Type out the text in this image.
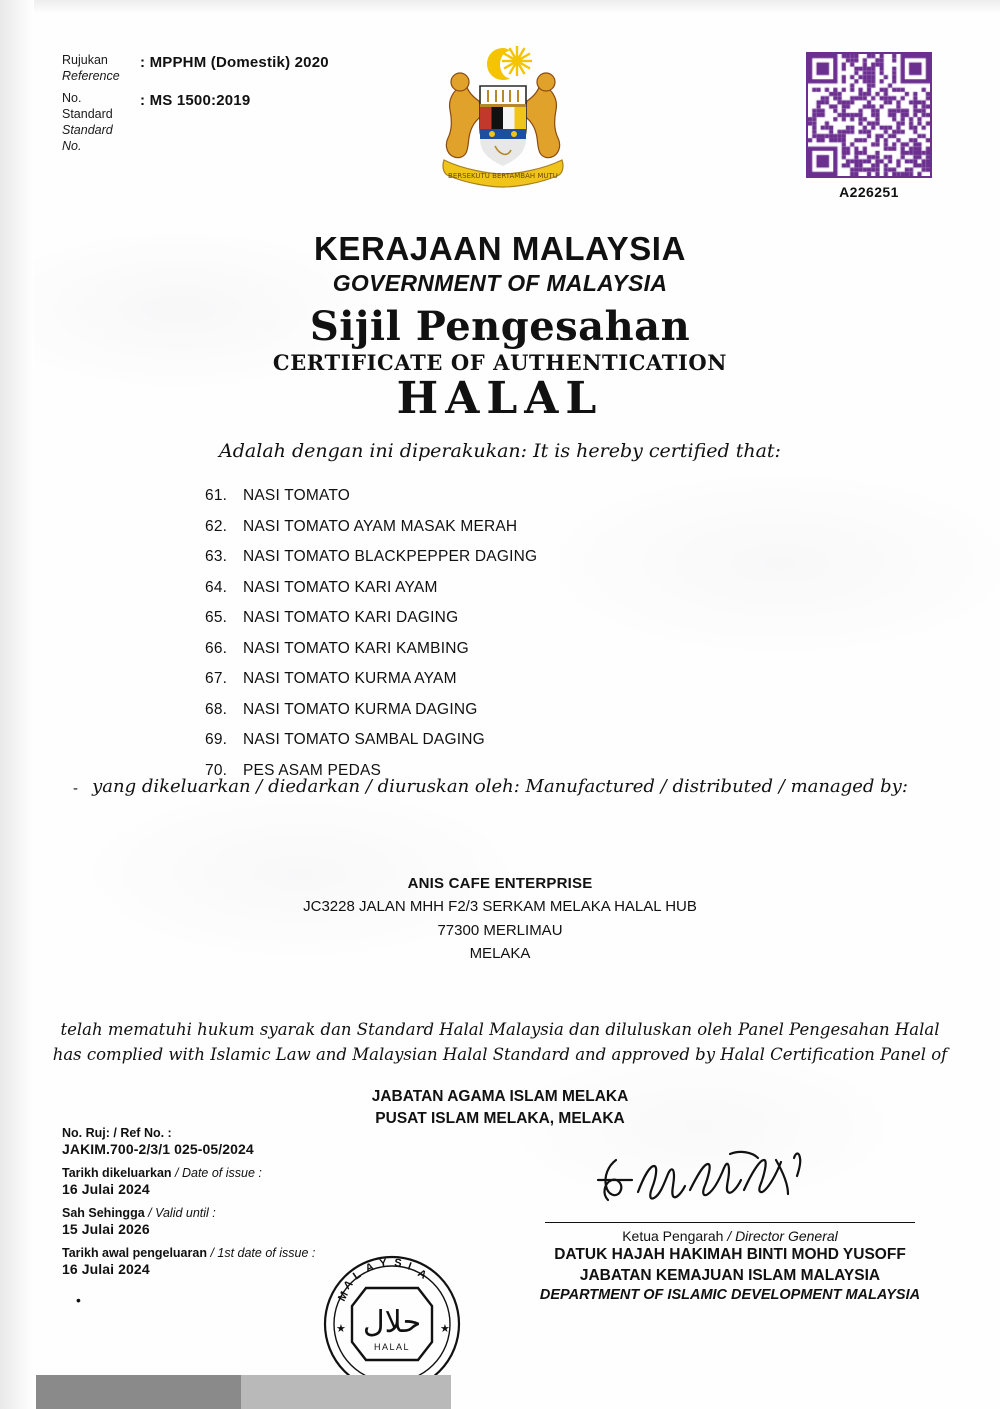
Rujukan
Reference
: MPPHM (Domestik) 2020
No.
Standard
Standard
No.
: MS 1500:2019
BERSEKUTU BERTAMBAH MUTU
A226251
KERAJAAN MALAYSIA
GOVERNMENT OF MALAYSIA
Sijil Pengesahan
CERTIFICATE OF AUTHENTICATION
HALAL
Adalah dengan ini diperakukan: It is hereby certified that:
61.	NASI TOMATO
62.	NASI TOMATO AYAM MASAK MERAH
63.	NASI TOMATO BLACKPEPPER DAGING
64.	NASI TOMATO KARI AYAM
65.	NASI TOMATO KARI DAGING
66.	NASI TOMATO KARI KAMBING
67.	NASI TOMATO KURMA AYAM
68.	NASI TOMATO KURMA DAGING
69.	NASI TOMATO SAMBAL DAGING
70.	PES ASAM PEDAS
- yang dikeluarkan / diedarkan / diuruskan oleh: Manufactured / distributed / managed by:
ANIS CAFE ENTERPRISE
JC3228 JALAN MHH F2/3 SERKAM MELAKA HALAL HUB
77300 MERLIMAU
MELAKA
telah mematuhi hukum syarak dan Standard Halal Malaysia dan diluluskan oleh Panel Pengesahan Halal
has complied with Islamic Law and Malaysian Halal Standard and approved by Halal Certification Panel of
JABATAN AGAMA ISLAM MELAKA
PUSAT ISLAM MELAKA, MELAKA
No. Ruj: / Ref No. :
JAKIM.700-2/3/1 025-05/2024
Tarikh dikeluarkan / Date of issue :
16 Julai 2024
Sah Sehingga / Valid until :
15 Julai 2026
Tarikh awal pengeluaran / 1st date of issue :
16 Julai 2024
•
حلال
HALAL
M
A
L
A Y S I
A
★	★
Ketua Pengarah / Director General
DATUK HAJAH HAKIMAH BINTI MOHD YUSOFF
JABATAN KEMAJUAN ISLAM MALAYSIA
DEPARTMENT OF ISLAMIC DEVELOPMENT MALAYSIA
